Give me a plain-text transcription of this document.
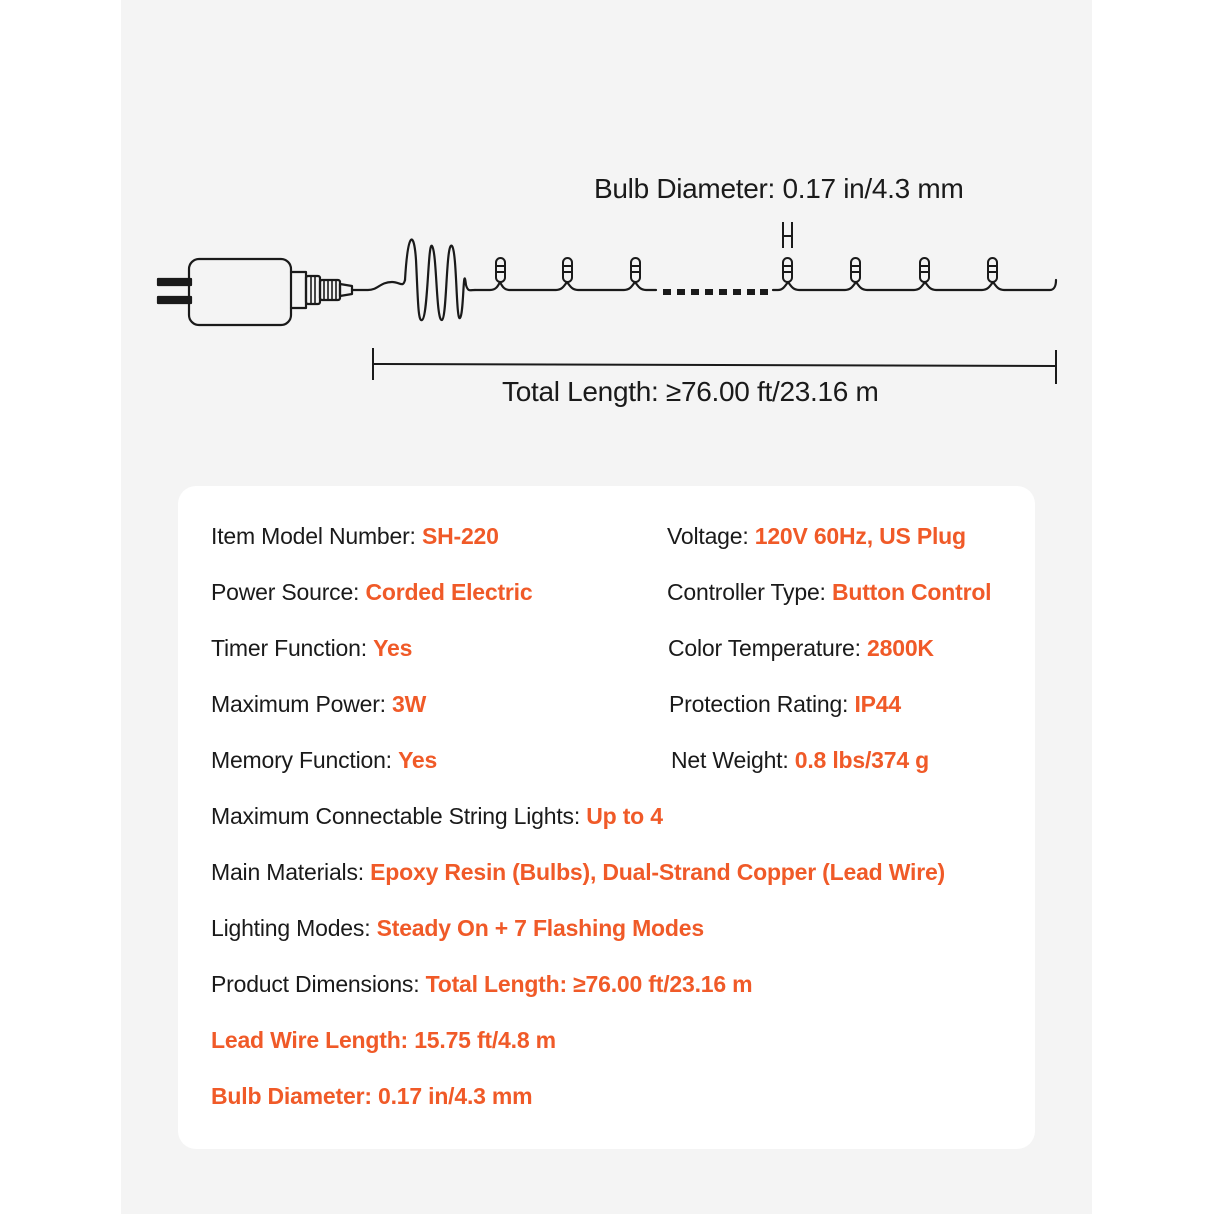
Bulb Diameter: 0.17 in/4.3 mm
Total Length: ≥76.00 ft/23.16 m
Item Model Number: SH-220	Voltage: 120V 60Hz, US Plug
Power Source: Corded Electric	Controller Type: Button Control
Timer Function: Yes	Color Temperature: 2800K
Maximum Power: 3W	Protection Rating: IP44
Memory Function: Yes	Net Weight: 0.8 lbs/374 g
Maximum Connectable String Lights: Up to 4
Main Materials: Epoxy Resin (Bulbs), Dual-Strand Copper (Lead Wire)
Lighting Modes: Steady On + 7 Flashing Modes
Product Dimensions: Total Length: ≥76.00 ft/23.16 m
Lead Wire Length: 15.75 ft/4.8 m
Bulb Diameter: 0.17 in/4.3 mm
